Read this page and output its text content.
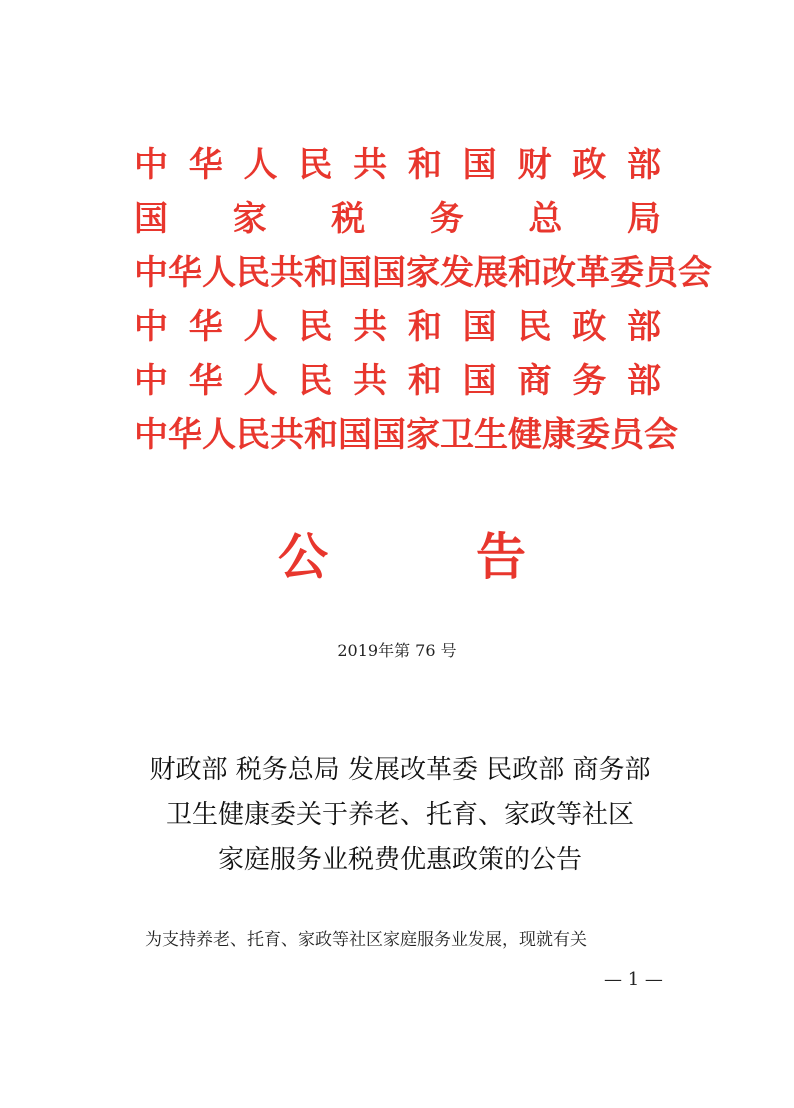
中华人民共和国财政部
国家税务总局
中华人民共和国国家发展和改革委员会
中华人民共和国民政部
中华人民共和国商务部
中华人民共和国国家卫生健康委员会
公告
2019年第 76 号
财政部 税务总局 发展改革委 民政部 商务部
卫生健康委关于养老、托育、家政等社区
家庭服务业税费优惠政策的公告
为支持养老、托育、家政等社区家庭服务业发展，现就有关
— 1 —
